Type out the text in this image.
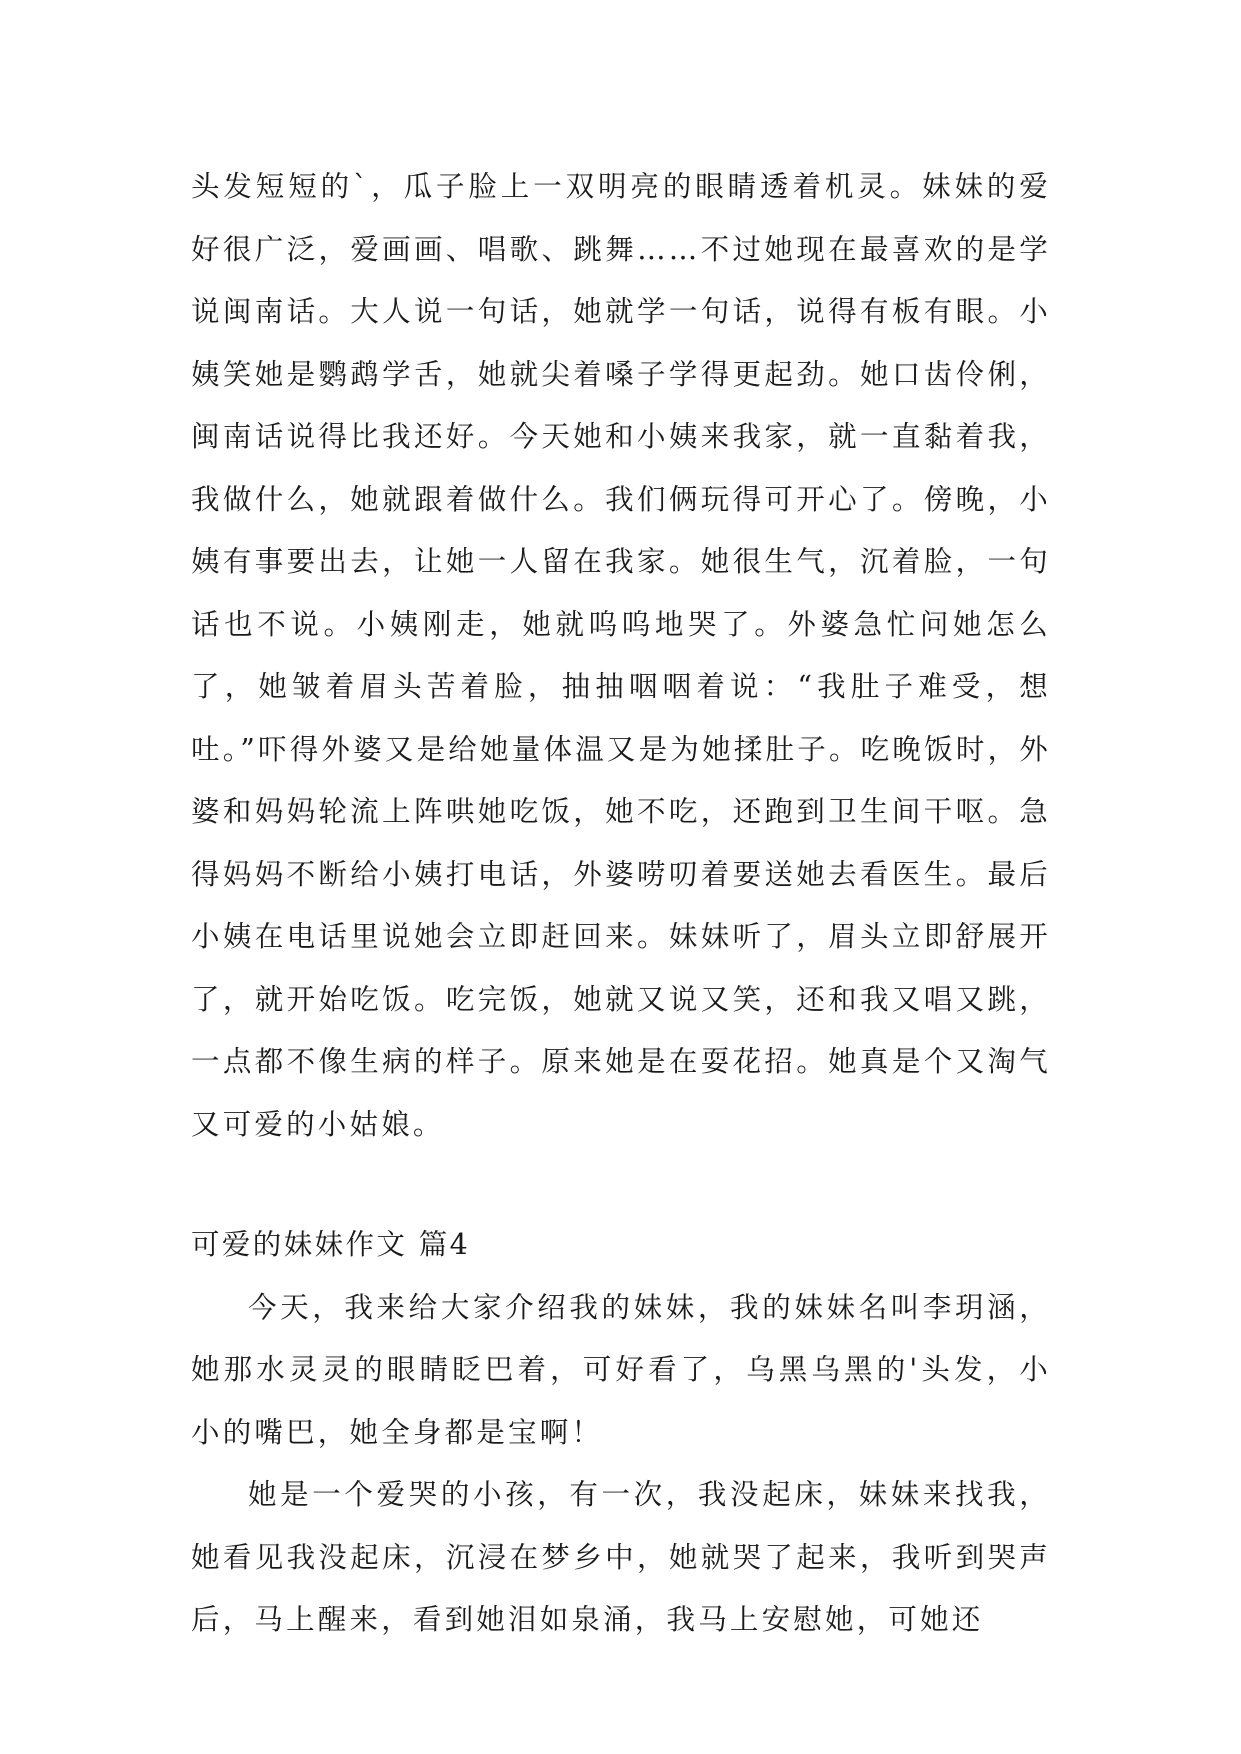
头发短短的`，瓜子脸上一双明亮的眼睛透着机灵。妹妹的爱好很广泛，爱画画、唱歌、跳舞……不过她现在最喜欢的是学说闽南话。大人说一句话，她就学一句话，说得有板有眼。小姨笑她是鹦鹉学舌，她就尖着嗓子学得更起劲。她口齿伶俐，闽南话说得比我还好。今天她和小姨来我家，就一直黏着我，我做什么，她就跟着做什么。我们俩玩得可开心了。傍晚，小姨有事要出去，让她一人留在我家。她很生气，沉着脸，一句话也不说。小姨刚走，她就呜呜地哭了。外婆急忙问她怎么了，她皱着眉头苦着脸，抽抽咽咽着说：“我肚子难受，想吐。”吓得外婆又是给她量体温又是为她揉肚子。吃晚饭时，外婆和妈妈轮流上阵哄她吃饭，她不吃，还跑到卫生间干呕。急得妈妈不断给小姨打电话，外婆唠叨着要送她去看医生。最后小姨在电话里说她会立即赶回来。妹妹听了，眉头立即舒展开了，就开始吃饭。吃完饭，她就又说又笑，还和我又唱又跳，一点都不像生病的样子。原来她是在耍花招。她真是个又淘气又可爱的小姑娘。

可爱的妹妹作文 篇4

今天，我来给大家介绍我的妹妹，我的妹妹名叫李玥涵，她那水灵灵的眼睛眨巴着，可好看了，乌黑乌黑的'头发，小小的嘴巴，她全身都是宝啊！

她是一个爱哭的小孩，有一次，我没起床，妹妹来找我，她看见我没起床，沉浸在梦乡中，她就哭了起来，我听到哭声后，马上醒来，看到她泪如泉涌，我马上安慰她，可她还
